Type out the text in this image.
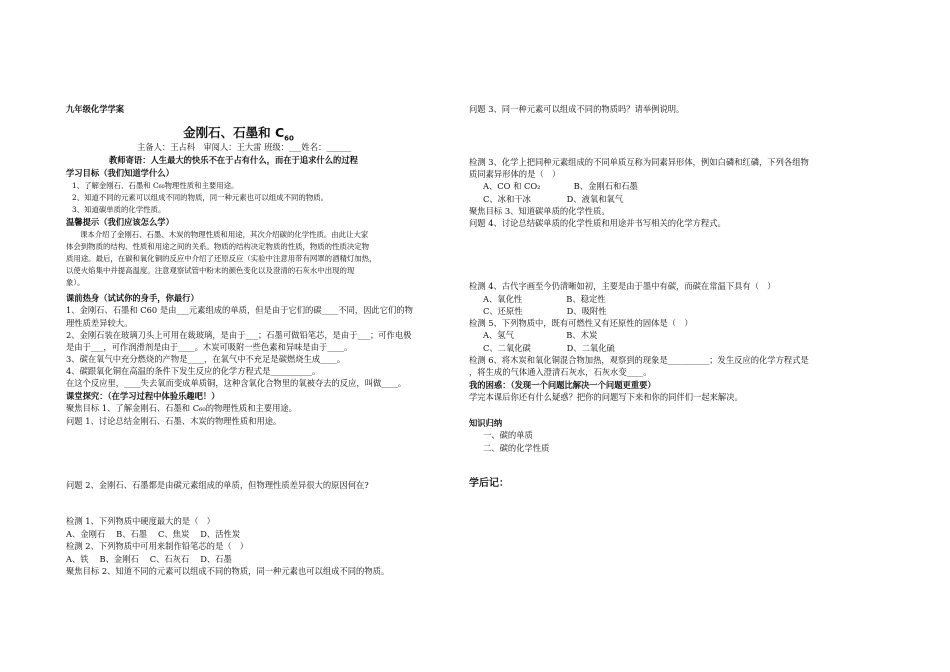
九年级化学学案
金刚石、石墨和 $C_{60}$
主备人：王占科　审阅人：王大雷 班级：___姓名：______
教师寄语：人生最大的快乐不在于占有什么，而在于追求什么的过程
学习目标（我们知道学什么）
1、了解金刚石、石墨和 C₆₀物理性质和主要用途。
2、知道不同的元素可以组成不同的物质，同一种元素也可以组成不同的物质。
3、知道碳单质的化学性质。
温馨提示（我们应该怎么学）
课本介绍了金刚石、石墨、木炭的物理性质和用途，其次介绍碳的化学性质。由此让大家
体会到物质的结构、性质和用途之间的关系。物质的结构决定物质的性质，物质的性质决定物
质用途。最后，在碳和氧化铜的反应中介绍了还原反应（实验中注意用带有网罩的酒精灯加热，
以使火焰集中并提高温度。注意观察试管中粉末的颜色变化以及澄清的石灰水中出现的现
象）。
课前热身（试试你的身手，你最行）
1、金刚石、石墨和 C60 是由___元素组成的单质，但是由于它们的碳____不同，因此它们的物
理性质差异较大。
2、金刚石装在玻璃刀头上可用在裁玻璃，是由于___；石墨可做铅笔芯，是由于___；可作电极
是由于___，可作润滑剂是由于____。木炭可吸附一些色素和异味是由于____。
3、碳在氧气中充分燃烧的产物是____，在氧气中不充足是碳燃烧生成____。
4、碳跟氧化铜在高温的条件下发生反应的化学方程式是__________。
在这个反应里，____失去氧而变成单质铜，这种含氧化合物里的氧被夺去的反应，叫做____。
课堂探究：（在学习过程中体验乐趣吧！）
聚焦目标 1、了解金刚石、石墨和 C₆₀的物理性质和主要用途。
问题 1、讨论总结金刚石、石墨、木炭的物理性质和用途。
问题 2、金刚石、石墨都是由碳元素组成的单质，但物理性质差异很大的原因何在?
检测 1、下列物质中硬度最大的是（　）
A、金刚石　 B、石墨　 C、焦炭　 D、活性炭
检测 2、下列物质中可用来制作铅笔芯的是（　）
A、铁　 B、金刚石　 C、石灰石　 D、石墨
聚焦目标 2、知道不同的元素可以组成不同的物质，同一种元素也可以组成不同的物质。
问题 3、同一种元素可以组成不同的物质吗？请举例说明。
检测 3、化学上把同种元素组成的不同单质互称为同素异形体，例如白磷和红磷，下列各组物
质同素异形体的是（　）
A、CO 和 CO₂　　　　B、金刚石和石墨
C、冰和干冰　　　　 D、液氧和氧气
聚焦目标 3、知道碳单质的化学性质。
问题 4、讨论总结碳单质的化学性质和用途并书写相关的化学方程式。
检测 4、古代字画至今仍清晰如初，主要是由于墨中有碳，而碳在常温下具有（　）
A、氧化性　　　　　 B、稳定性
C、还原性　　　　　 D、吸附性
检测 5、下列物质中，既有可燃性又有还原性的固体是（　）
A、氢气　　　　　　 B、木炭
C、二氧化碳　　　　 D、二氧化硫
检测 6、将木炭和氧化铜混合物加热，观察到的现象是__________；发生反应的化学方程式是
，将生成的气体通入澄清石灰水，石灰水变____。
我的困惑：（发现一个问题比解决一个问题更重要）
学完本课后你还有什么疑惑？把你的问题写下来和你的同伴们一起来解决。
知识归纳
一、碳的单质
二、碳的化学性质
学后记：
